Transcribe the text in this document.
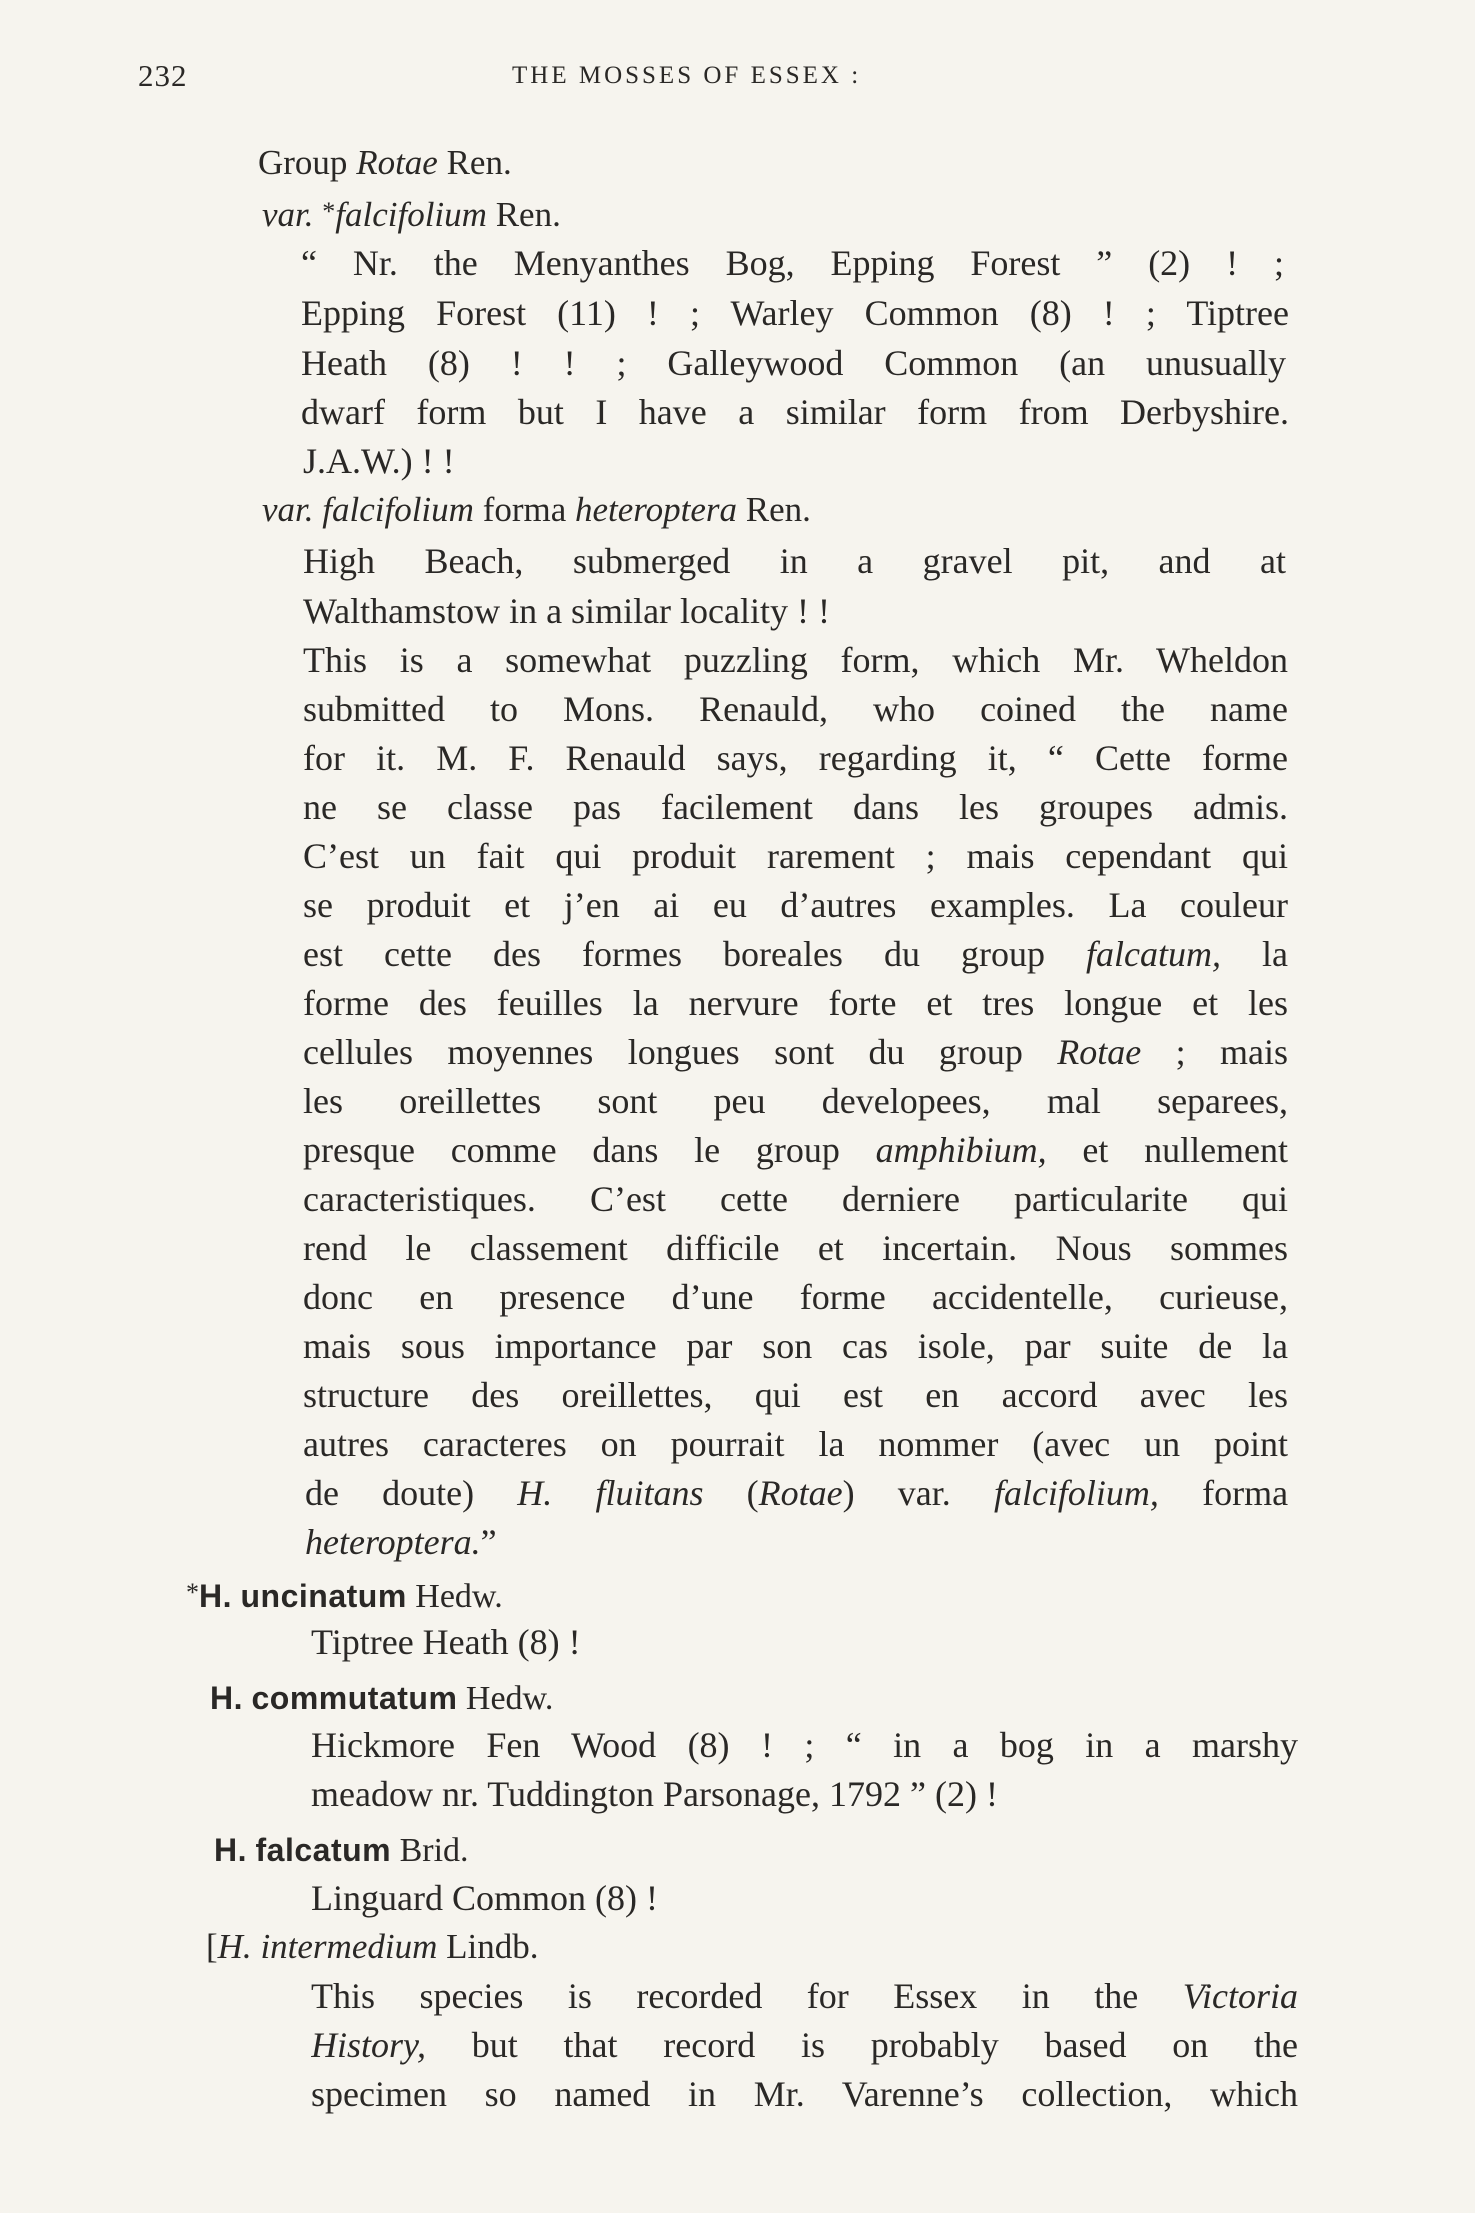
232	THE MOSSES OF ESSEX :
Group Rotae Ren.
var. *falcifolium Ren.
“ Nr. the Menyanthes Bog, Epping Forest ” (2) ! ;
Epping Forest (11) ! ; Warley Common (8) ! ; Tiptree
Heath (8) ! ! ; Galleywood Common (an unusually
dwarf form but I have a similar form from Derbyshire.
J.A.W.) ! !
var. falcifolium forma heteroptera Ren.
High Beach, submerged in a gravel pit, and at
Walthamstow in a similar locality ! !
This is a somewhat puzzling form, which Mr. Wheldon
submitted to Mons. Renauld, who coined the name
for it. M. F. Renauld says, regarding it, “ Cette forme
ne se classe pas facilement dans les groupes admis.
C’est un fait qui produit rarement ; mais cependant qui
se produit et j’en ai eu d’autres examples. La couleur
est cette des formes boreales du group falcatum, la
forme des feuilles la nervure forte et tres longue et les
cellules moyennes longues sont du group Rotae ; mais
les oreillettes sont peu developees, mal separees,
presque comme dans le group amphibium, et nullement
caracteristiques. C’est cette derniere particularite qui
rend le classement difficile et incertain. Nous sommes
donc en presence d’une forme accidentelle, curieuse,
mais sous importance par son cas isole, par suite de la
structure des oreillettes, qui est en accord avec les
autres caracteres on pourrait la nommer (avec un point
de doute) H. fluitans (Rotae) var. falcifolium, forma
heteroptera.”
*H. uncinatum Hedw.
Tiptree Heath (8) !
H. commutatum Hedw.
Hickmore Fen Wood (8) ! ; “ in a bog in a marshy
meadow nr. Tuddington Parsonage, 1792 ” (2) !
H. falcatum Brid.
Linguard Common (8) !
[H. intermedium Lindb.
This species is recorded for Essex in the Victoria
History, but that record is probably based on the
specimen so named in Mr. Varenne’s collection, which
